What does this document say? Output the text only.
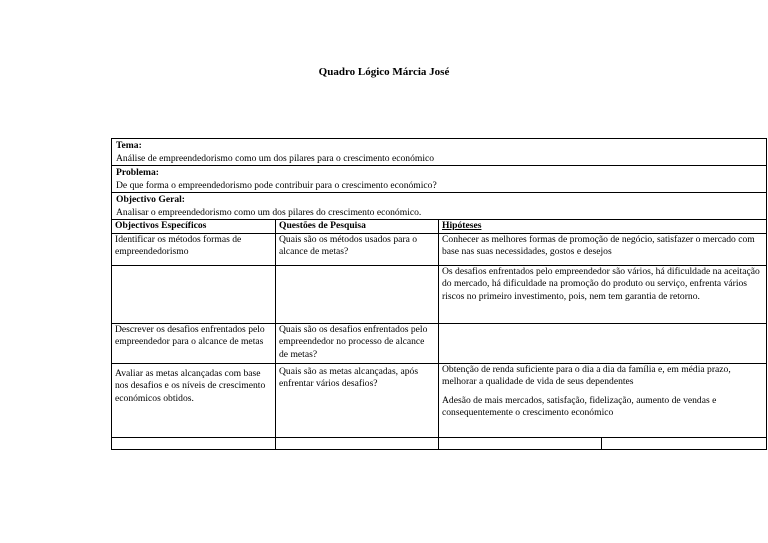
Quadro Lógico Márcia José
Tema:
Análise de empreendedorismo como um dos pilares para o crescimento económico			

Problema:
De que forma o empreendedorismo pode contribuir para o crescimento económico?			

Objectivo Geral:
Analisar o empreendedorismo como um dos pilares do crescimento económico.			
Objectivos Específicos	Questões de Pesquisa	Hipóteses	
Identificar os métodos formas de empreendedorismo	Quais são os métodos usados para o alcance de metas?	Conhecer as melhores formas de promoção de negócio, satisfazer o mercado com base nas suas necessidades, gostos e desejos	
		Os desafios enfrentados pelo empreendedor são vários, há dificuldade na aceitação do mercado, há dificuldade na promoção do produto ou serviço, enfrenta vários riscos no primeiro investimento, pois, nem tem garantia de retorno.	
Descrever os desafios enfrentados pelo empreendedor para o alcance de metas	Quais são os desafios enfrentados pelo empreendedor no processo de alcance de metas?		
Avaliar as metas alcançadas com base nos desafios e os níveis de crescimento económicos obtidos.	Quais são as metas alcançadas, após enfrentar vários desafios?	Obtenção de renda suficiente para o dia a dia da família e, em média prazo, melhorar a qualidade de vida de seus dependentes
Adesão de mais mercados, satisfação, fidelização, aumento de vendas e consequentemente o crescimento económico	
